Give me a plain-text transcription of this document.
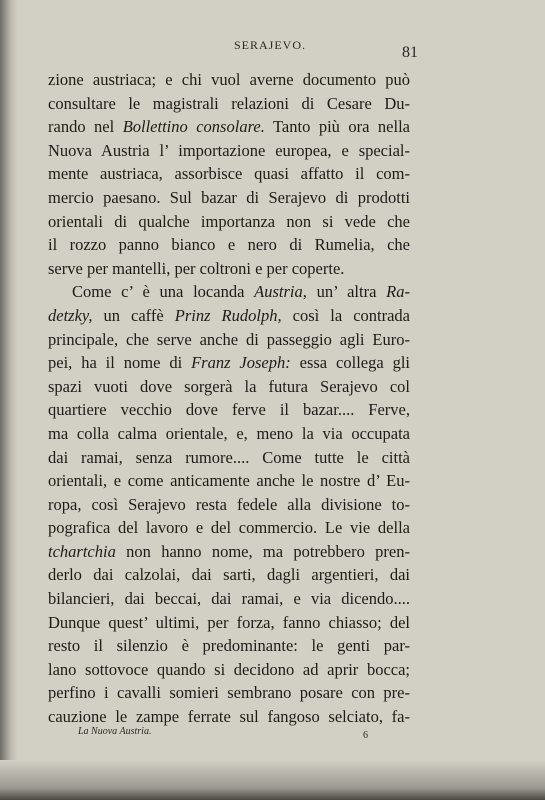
SERAJEVO.	81
zione austriaca; e chi vuol averne documento può
consultare le magistrali relazioni di Cesare Du-
rando nel Bollettino consolare. Tanto più ora nella
Nuova Austria l’ importazione europea, e special-
mente austriaca, assorbisce quasi affatto il com-
mercio paesano. Sul bazar di Serajevo di prodotti
orientali di qualche importanza non si vede che
il rozzo panno bianco e nero di Rumelia, che
serve per mantelli, per coltroni e per coperte.
Come c’ è una locanda Austria, un’ altra Ra-
detzky, un caffè Prinz Rudolph, così la contrada
principale, che serve anche di passeggio agli Euro-
pei, ha il nome di Franz Joseph: essa collega gli
spazi vuoti dove sorgerà la futura Serajevo col
quartiere vecchio dove ferve il bazar.... Ferve,
ma colla calma orientale, e, meno la via occupata
dai ramai, senza rumore.... Come tutte le città
orientali, e come anticamente anche le nostre d’ Eu-
ropa, così Serajevo resta fedele alla divisione to-
pografica del lavoro e del commercio. Le vie della
tchartchia non hanno nome, ma potrebbero pren-
derlo dai calzolai, dai sarti, dagli argentieri, dai
bilancieri, dai beccai, dai ramai, e via dicendo....
Dunque quest’ ultimi, per forza, fanno chiasso; del
resto il silenzio è predominante: le genti par-
lano sottovoce quando si decidono ad aprir bocca;
perfino i cavalli somieri sembrano posare con pre-
cauzione le zampe ferrate sul fangoso selciato, fa-
La Nuova Austria.	6
